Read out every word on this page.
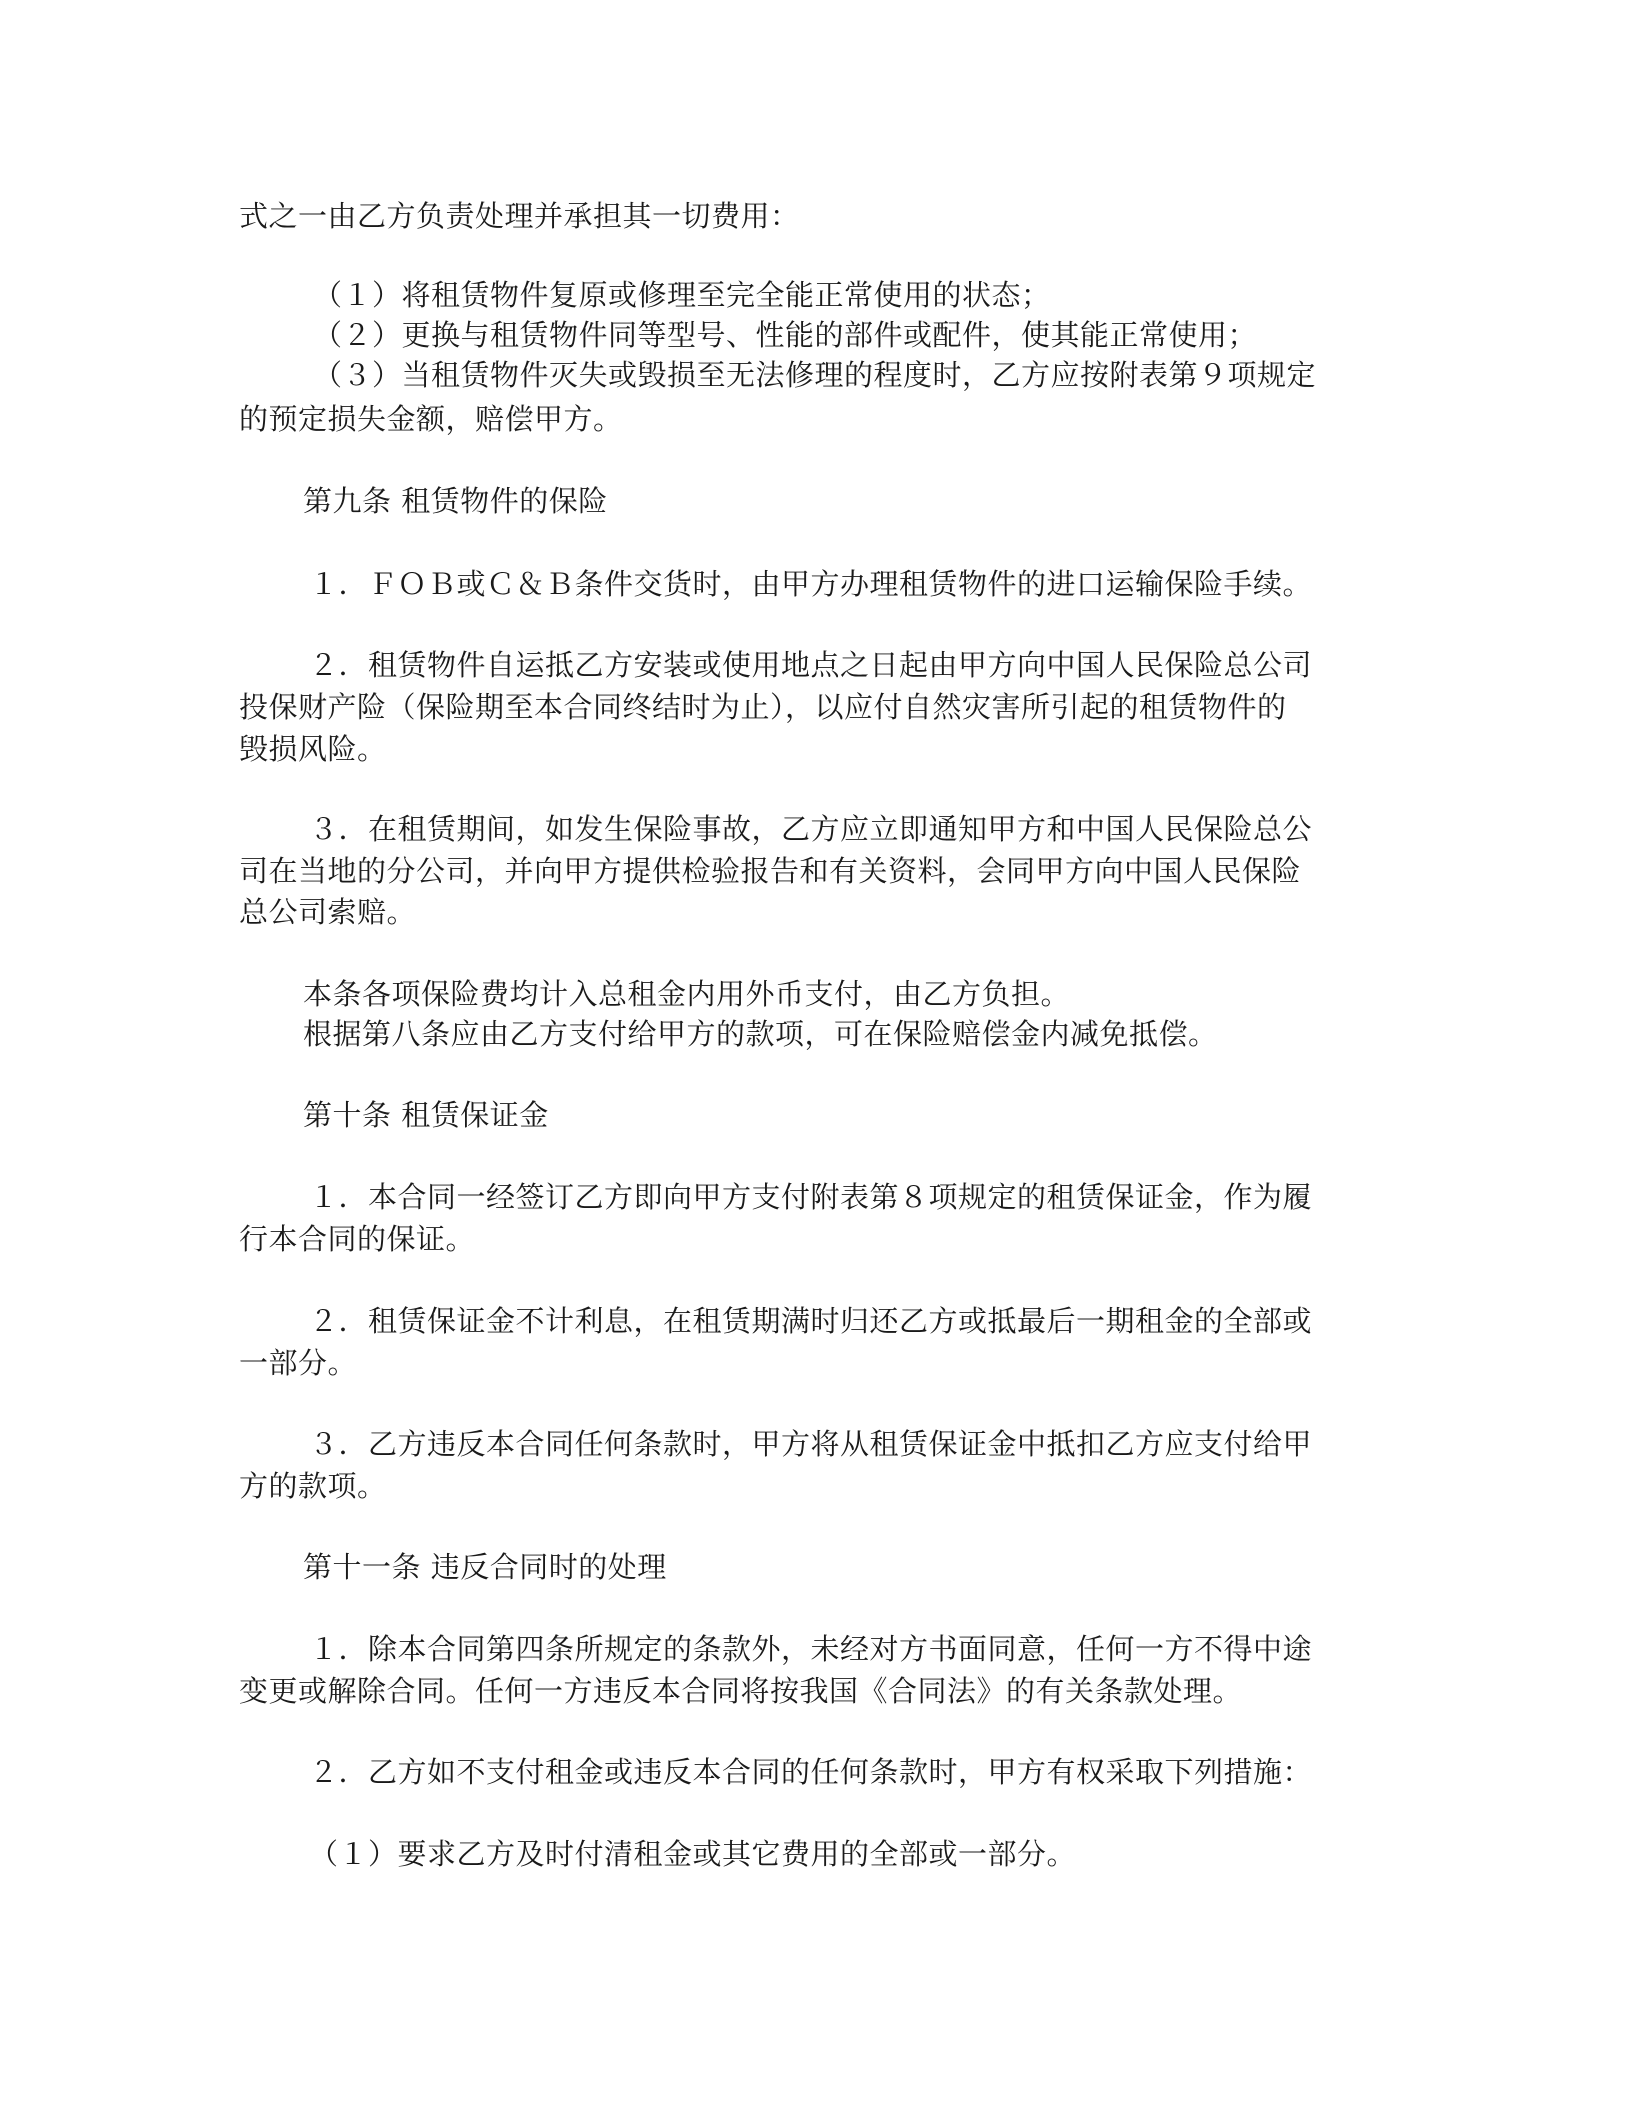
式之一由乙方负责处理并承担其一切费用：
（１）将租赁物件复原或修理至完全能正常使用的状态；
（２）更换与租赁物件同等型号、性能的部件或配件，使其能正常使用；
（３）当租赁物件灭失或毁损至无法修理的程度时，乙方应按附表第９项规定
的预定损失金额，赔偿甲方。
第九条 租赁物件的保险
１．ＦＯＢ或Ｃ＆Ｂ条件交货时，由甲方办理租赁物件的进口运输保险手续。
２．租赁物件自运抵乙方安装或使用地点之日起由甲方向中国人民保险总公司
投保财产险（保险期至本合同终结时为止），以应付自然灾害所引起的租赁物件的
毁损风险。
３．在租赁期间，如发生保险事故，乙方应立即通知甲方和中国人民保险总公
司在当地的分公司，并向甲方提供检验报告和有关资料，会同甲方向中国人民保险
总公司索赔。
本条各项保险费均计入总租金内用外币支付，由乙方负担。
根据第八条应由乙方支付给甲方的款项，可在保险赔偿金内减免抵偿。
第十条 租赁保证金
１．本合同一经签订乙方即向甲方支付附表第８项规定的租赁保证金，作为履
行本合同的保证。
２．租赁保证金不计利息，在租赁期满时归还乙方或抵最后一期租金的全部或
一部分。
３．乙方违反本合同任何条款时，甲方将从租赁保证金中抵扣乙方应支付给甲
方的款项。
第十一条 违反合同时的处理
１．除本合同第四条所规定的条款外，未经对方书面同意，任何一方不得中途
变更或解除合同。任何一方违反本合同将按我国《合同法》的有关条款处理。
２．乙方如不支付租金或违反本合同的任何条款时，甲方有权采取下列措施：
（１）要求乙方及时付清租金或其它费用的全部或一部分。
